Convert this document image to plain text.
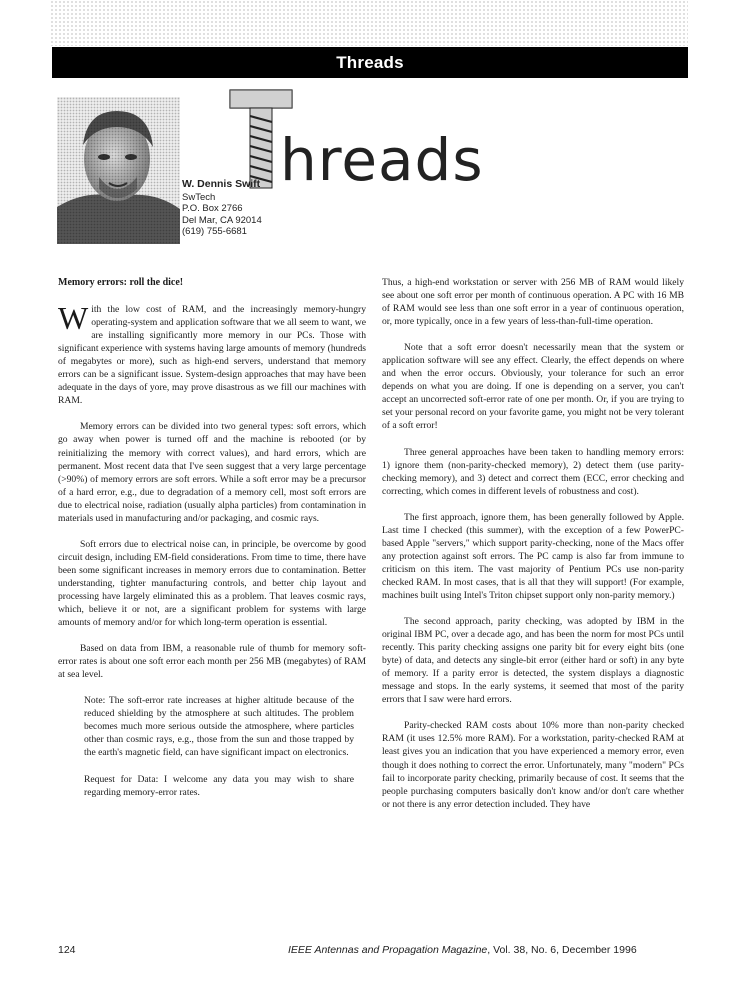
Threads
hreads
W. Dennis Swift
SwTech
P.O. Box 2766
Del Mar, CA 92014
(619) 755-6681
Memory errors: roll the dice!

With the low cost of RAM, and the increasingly memory-hungry operating-system and application software that we all seem to want, we are installing significantly more memory in our PCs. Those with significant experience with systems having large amounts of memory (hundreds of megabytes or more), such as high-end servers, understand that memory errors can be a significant issue. System-design approaches that may have been adequate in the days of yore, may prove disastrous as we fill our machines with RAM.

Memory errors can be divided into two general types: soft errors, which go away when power is turned off and the machine is rebooted (or by reinitializing the memory with correct values), and hard errors, which are permanent. Most recent data that I've seen suggest that a very large percentage (>90%) of memory errors are soft errors. While a soft error may be a precursor of a hard error, e.g., due to degradation of a memory cell, most soft errors are due to electrical noise, radiation (usually alpha particles) from contamination in materials used in manufacturing and/or packaging, and cosmic rays.

Soft errors due to electrical noise can, in principle, be overcome by good circuit design, including EM-field considerations. From time to time, there have been some significant increases in memory errors due to contamination. Better understanding, tighter manufacturing controls, and better chip layout and processing have largely eliminated this as a problem. That leaves cosmic rays, which, believe it or not, are a significant problem for systems with large amounts of memory and/or for which long-term operation is essential.

Based on data from IBM, a reasonable rule of thumb for memory soft-error rates is about one soft error each month per 256 MB (megabytes) of RAM at sea level.

Note: The soft-error rate increases at higher altitude because of the reduced shielding by the atmosphere at such altitudes. The problem becomes much more serious outside the atmosphere, where particles other than cosmic rays, e.g., those from the sun and those trapped by the earth's magnetic field, can have significant impact on electronics.

Request for Data: I welcome any data you may wish to share regarding memory-error rates.

Thus, a high-end workstation or server with 256 MB of RAM would likely see about one soft error per month of continuous operation. A PC with 16 MB of RAM would see less than one soft error in a year of continuous operation, or, more typically, once in a few years of less-than-full-time operation.

Note that a soft error doesn't necessarily mean that the system or application software will see any effect. Clearly, the effect depends on where and when the error occurs. Obviously, your tolerance for such an error depends on what you are doing. If one is depending on a server, you can't accept an uncorrected soft-error rate of one per month. Or, if you are trying to set your personal record on your favorite game, you might not be very tolerant of a soft error!

Three general approaches have been taken to handling memory errors: 1) ignore them (non-parity-checked memory), 2) detect them (use parity-checking memory), and 3) detect and correct them (ECC, error checking and correcting, which comes in different levels of robustness and cost).

The first approach, ignore them, has been generally followed by Apple. Last time I checked (this summer), with the exception of a few PowerPC-based Apple "servers," which support parity-checking, none of the Macs offer any protection against soft errors. The PC camp is also far from immune to criticism on this item. The vast majority of Pentium PCs use non-parity checked RAM. In most cases, that is all that they will support! (For example, machines built using Intel's Triton chipset support only non-parity memory.)

The second approach, parity checking, was adopted by IBM in the original IBM PC, over a decade ago, and has been the norm for most PCs until recently. This parity checking assigns one parity bit for every eight bits (one byte) of data, and detects any single-bit error (either hard or soft) in any byte of memory. If a parity error is detected, the system displays a diagnostic message and stops. In the early systems, it seemed that most of the parity errors that I saw were hard errors.

Parity-checked RAM costs about 10% more than non-parity checked RAM (it uses 12.5% more RAM). For a workstation, parity-checked RAM at least gives you an indication that you have experienced a memory error, even though it does nothing to correct the error. Unfortunately, many "modern" PCs fail to incorporate parity checking, primarily because of cost. It seems that the people purchasing computers basically don't know and/or don't care whether or not there is any error detection included. They have

124	IEEE Antennas and Propagation Magazine, Vol. 38, No. 6, December 1996
